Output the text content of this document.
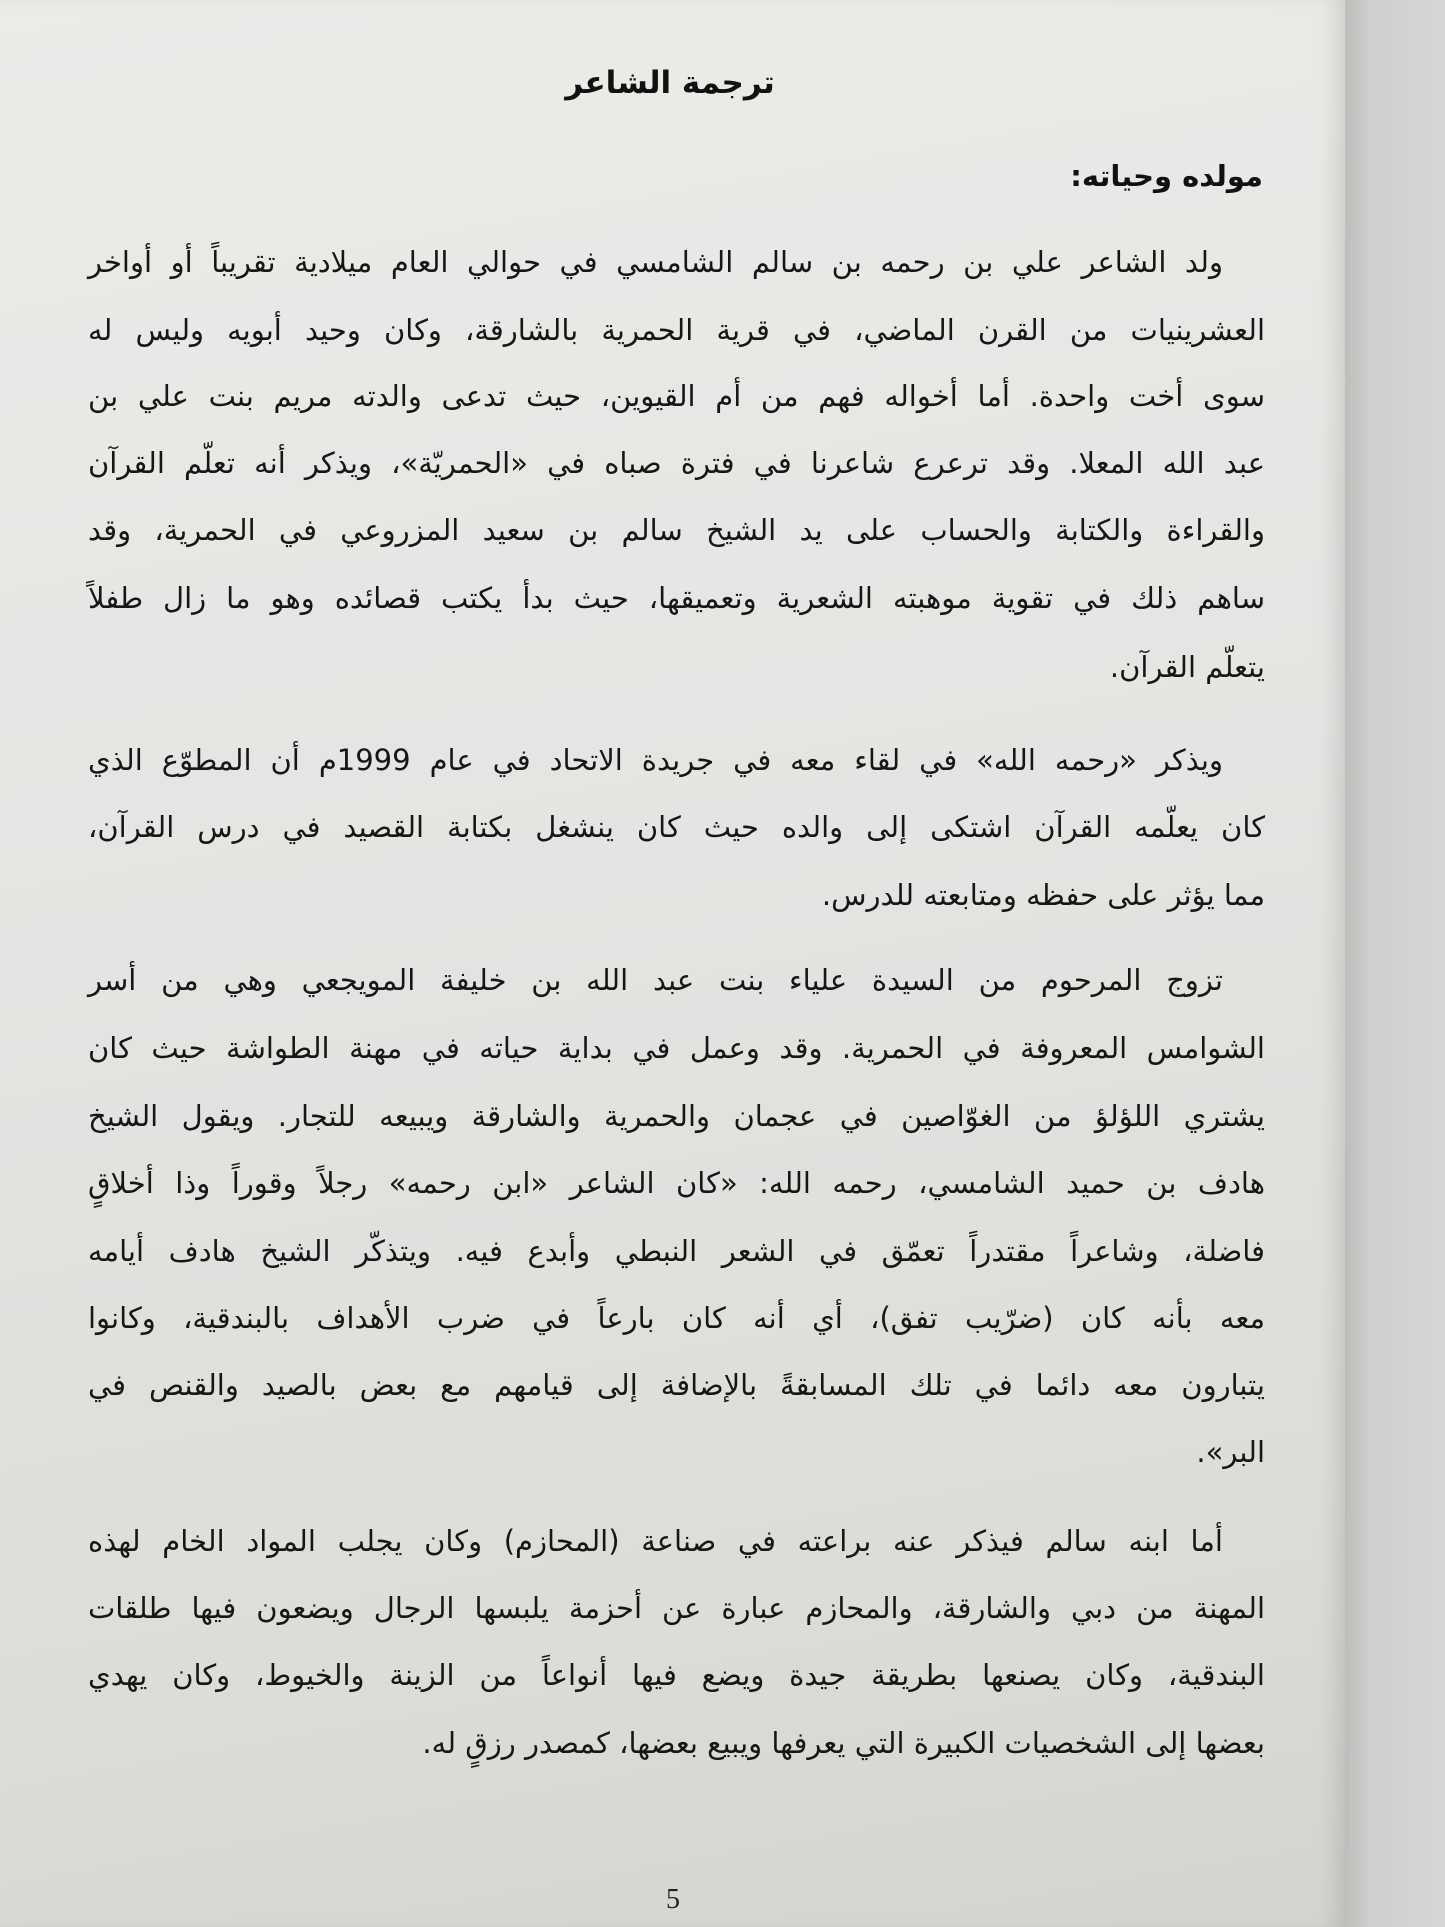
ترجمة الشاعر
مولده وحياته:
ولد الشاعر علي بن رحمه بن سالم الشامسي في حوالي العام ميلادية تقريباً أو أواخر
العشرينيات من القرن الماضي، في قرية الحمرية بالشارقة، وكان وحيد أبويه وليس له
سوى أخت واحدة. أما أخواله فهم من أم القيوين، حيث تدعى والدته مريم بنت علي بن
عبد الله المعلا. وقد ترعرع شاعرنا في فترة صباه في «الحمريّة»، ويذكر أنه تعلّم القرآن
والقراءة والكتابة والحساب على يد الشيخ سالم بن سعيد المزروعي في الحمرية، وقد
ساهم ذلك في تقوية موهبته الشعرية وتعميقها، حيث بدأ يكتب قصائده وهو ما زال طفلاً
يتعلّم القرآن.
ويذكر «رحمه الله» في لقاء معه في جريدة الاتحاد في عام 1999م أن المطوّع الذي
كان يعلّمه القرآن اشتكى إلى والده حيث كان ينشغل بكتابة القصيد في درس القرآن،
مما يؤثر على حفظه ومتابعته للدرس.
تزوج المرحوم من السيدة علياء بنت عبد الله بن خليفة المويجعي وهي من أسر
الشوامس المعروفة في الحمرية. وقد وعمل في بداية حياته في مهنة الطواشة حيث كان
يشتري اللؤلؤ من الغوّاصين في عجمان والحمرية والشارقة ويبيعه للتجار. ويقول الشيخ
هادف بن حميد الشامسي، رحمه الله: «كان الشاعر «ابن رحمه» رجلاً وقوراً وذا أخلاقٍ
فاضلة، وشاعراً مقتدراً تعمّق في الشعر النبطي وأبدع فيه. ويتذكّر الشيخ هادف أيامه
معه بأنه كان (ضرّيب تفق)، أي أنه كان بارعاً في ضرب الأهداف بالبندقية، وكانوا
يتبارون معه دائما في تلك المسابقةً بالإضافة إلى قيامهم مع بعض بالصيد والقنص في
البر».
أما ابنه سالم فيذكر عنه براعته في صناعة (المحازم) وكان يجلب المواد الخام لهذه
المهنة من دبي والشارقة، والمحازم عبارة عن أحزمة يلبسها الرجال ويضعون فيها طلقات
البندقية، وكان يصنعها بطريقة جيدة ويضع فيها أنواعاً من الزينة والخيوط، وكان يهدي
بعضها إلى الشخصيات الكبيرة التي يعرفها ويبيع بعضها، كمصدر رزقٍ له.
5
